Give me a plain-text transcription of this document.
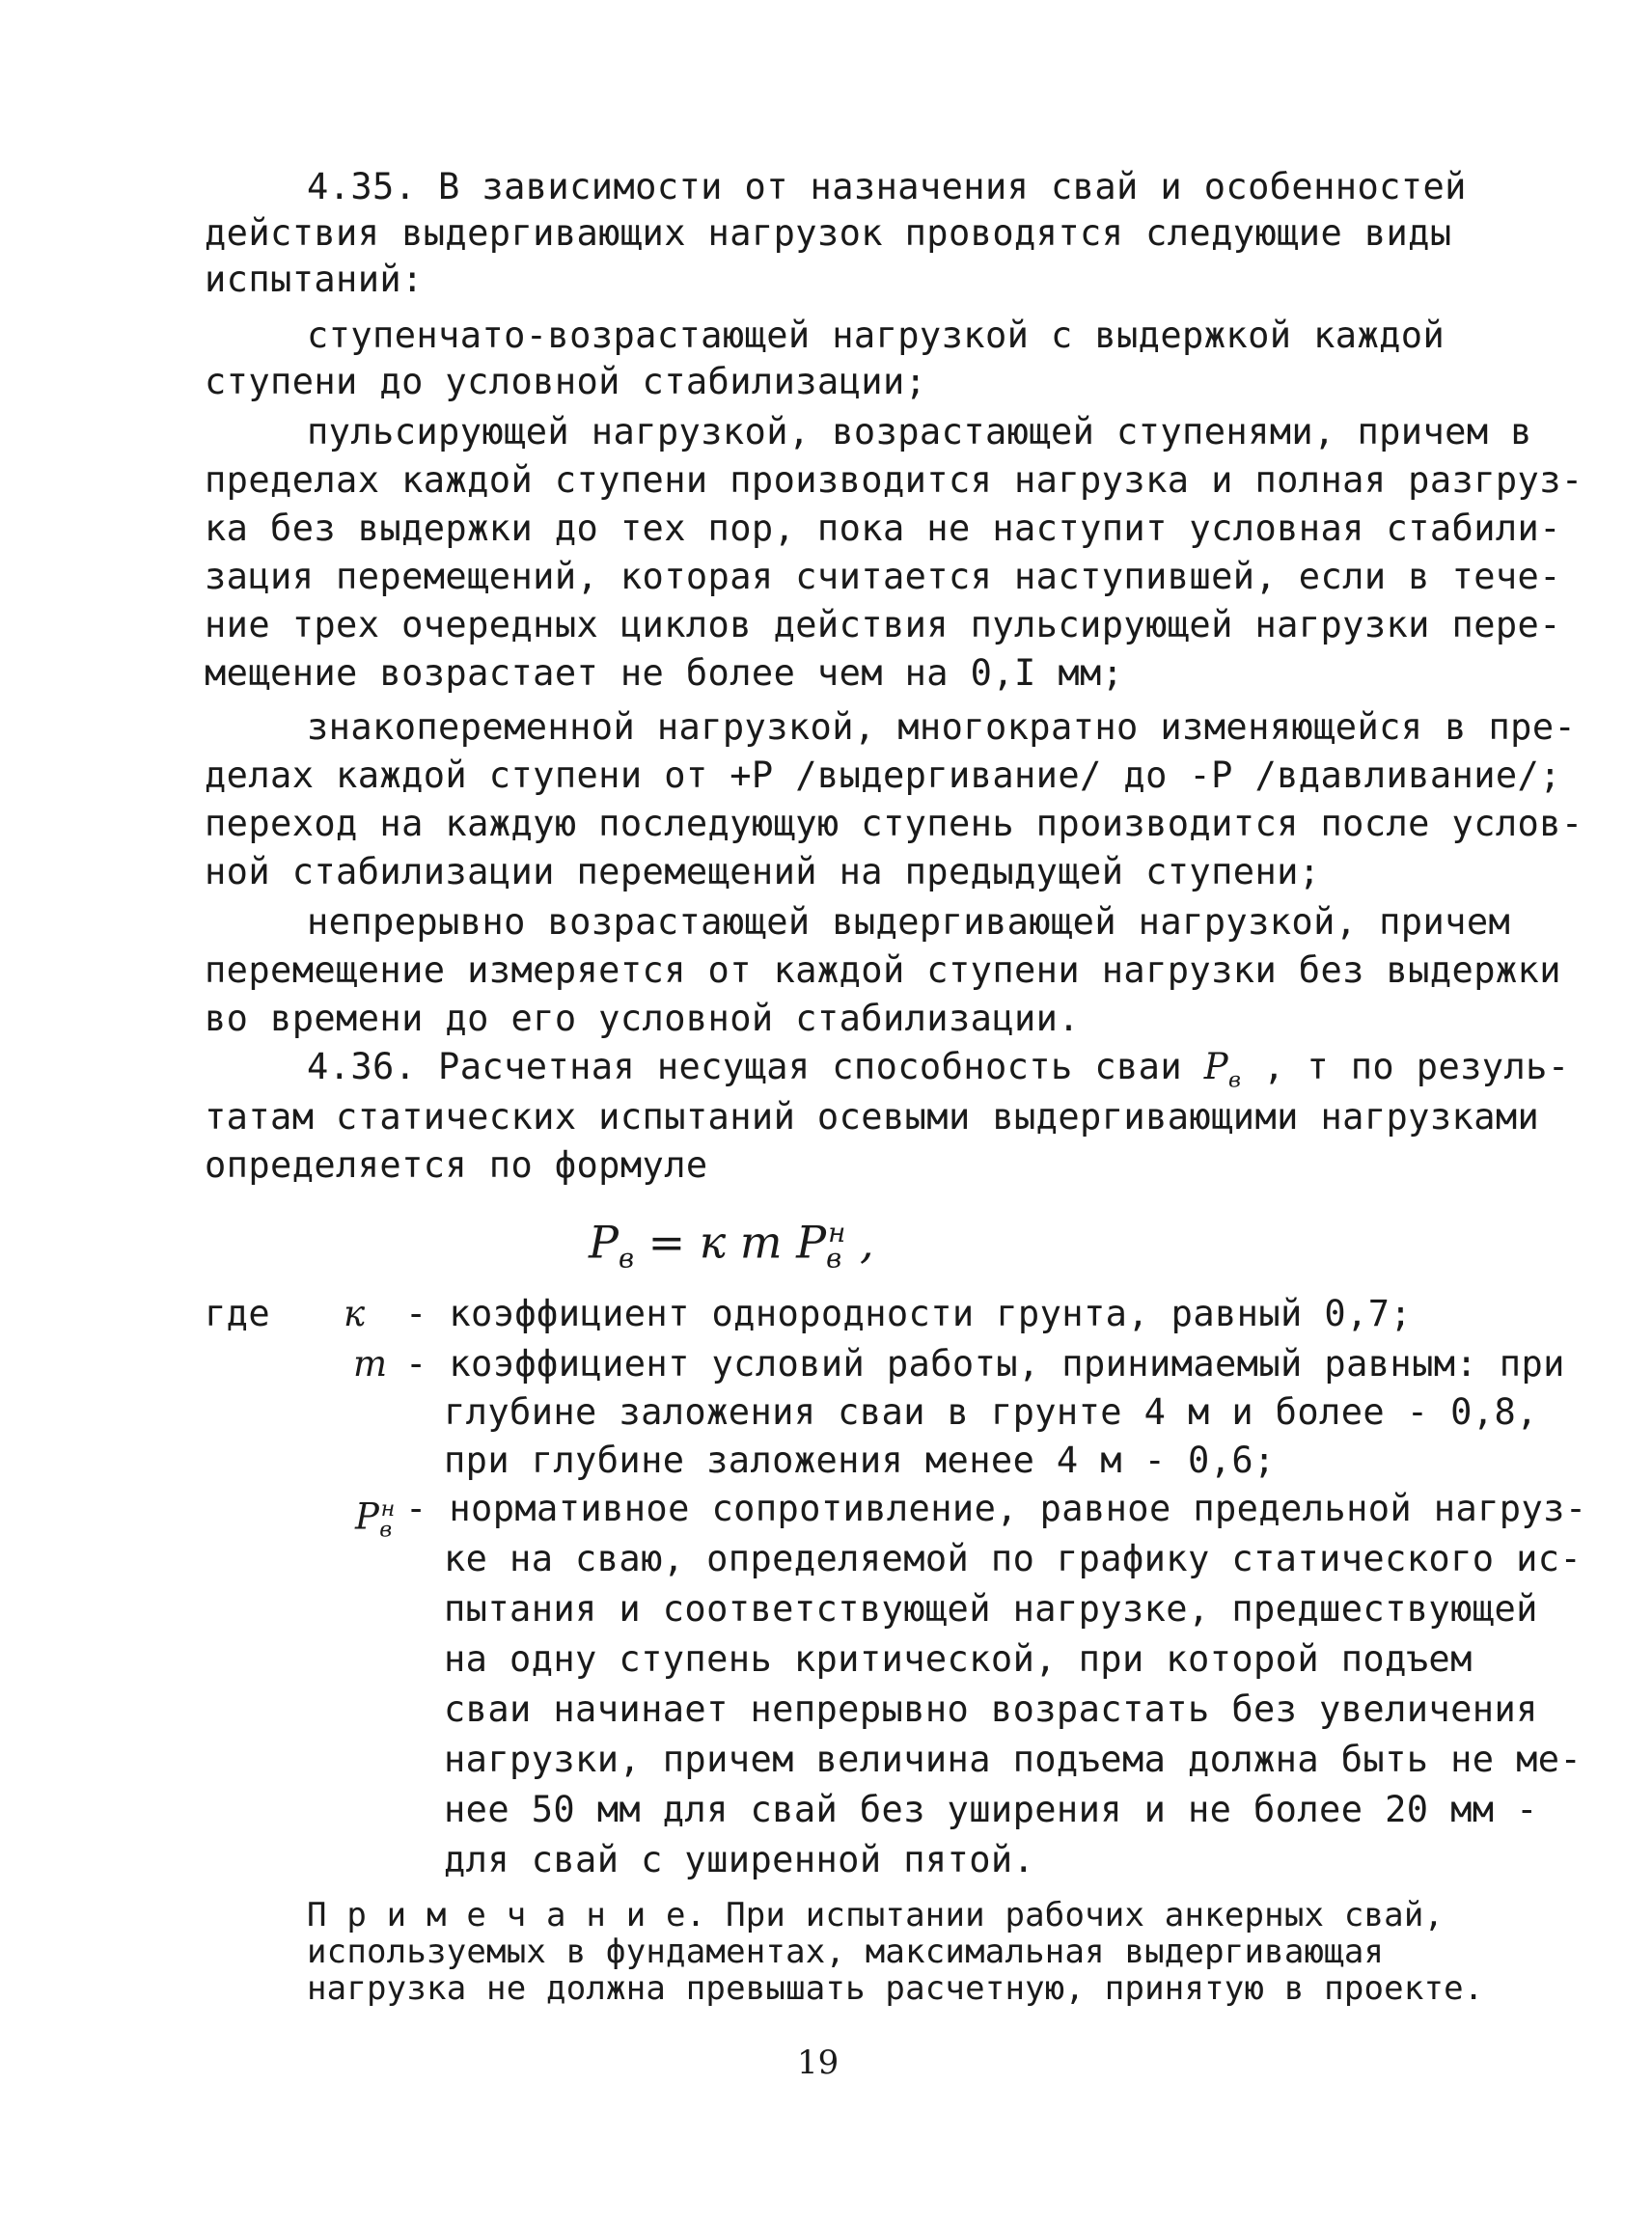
4.35. В зависимости от назначения свай и особенностей
действия выдергивающих нагрузок проводятся следующие виды
испытаний:
ступенчато-возрастающей нагрузкой с выдержкой каждой
ступени до условной стабилизации;
пульсирующей нагрузкой, возрастающей ступенями, причем в
пределах каждой ступени производится нагрузка и полная разгруз-
ка без выдержки до тех пор, пока не наступит условная стабили-
зация перемещений, которая считается наступившей, если в тече-
ние трех очередных циклов действия пульсирующей нагрузки пере-
мещение возрастает не более чем на 0,I мм;
знакопеременной нагрузкой, многократно изменяющейся в пре-
делах каждой ступени от +Р /выдергивание/ до -Р /вдавливание/;
переход на каждую последующую ступень производится после услов-
ной стабилизации перемещений на предыдущей ступени;
непрерывно возрастающей выдергивающей нагрузкой, причем
перемещение измеряется от каждой ступени нагрузки без выдержки
во времени до его условной стабилизации.
4.36. Расчетная несущая способность сваи $P_в$ , т по резуль-
татам статических испытаний осевыми выдергивающими нагрузками
определяется по формуле
$P_в = к$ m $P_в^н$ ,
где к - коэффициент однородности грунта, равный 0,7;
m - коэффициент условий работы, принимаемый равным: при
глубине заложения сваи в грунте 4 м и более - 0,8,
при глубине заложения менее 4 м - 0,6;
$P_в^н$ - нормативное сопротивление, равное предельной нагруз-
ке на сваю, определяемой по графику статического ис-
пытания и соответствующей нагрузке, предшествующей
на одну ступень критической, при которой подъем
сваи начинает непрерывно возрастать без увеличения
нагрузки, причем величина подъема должна быть не ме-
нее 50 мм для свай без уширения и не более 20 мм -
для свай с уширенной пятой.
П р и м е ч а н и е. При испытании рабочих анкерных свай,
используемых в фундаментах, максимальная выдергивающая
нагрузка не должна превышать расчетную, принятую в проекте.
19
